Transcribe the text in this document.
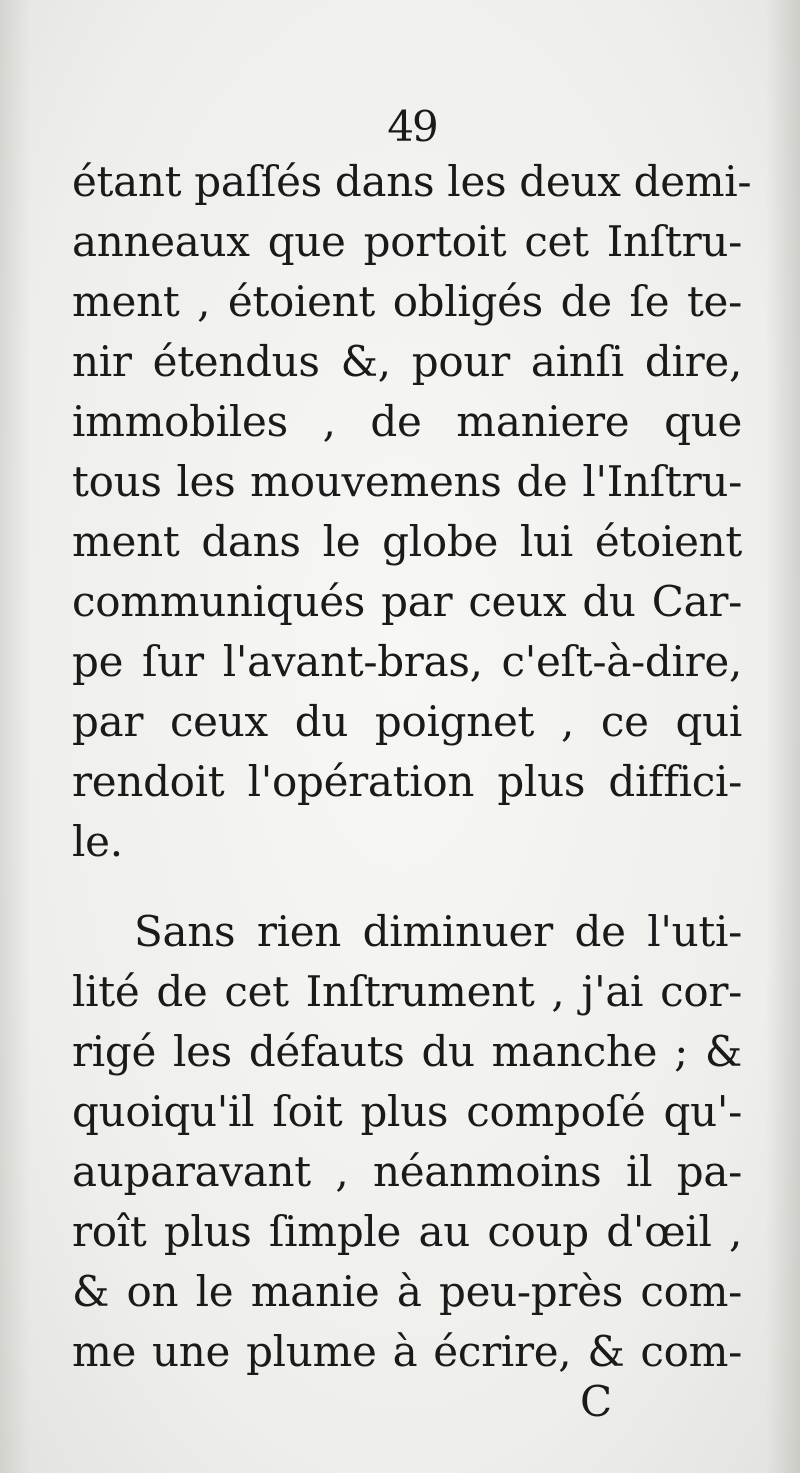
49
étant paſſés dans les deux demi-
anneaux que portoit cet Inſtru-
ment , étoient obligés de ſe te-
nir étendus &, pour ainſi dire,
immobiles , de maniere que
tous les mouvemens de l'Inſtru-
ment dans le globe lui étoient
communiqués par ceux du Car-
pe ſur l'avant-bras, c'eſt-à-dire,
par ceux du poignet , ce qui
rendoit l'opération plus diffici-
le.
Sans rien diminuer de l'uti-
lité de cet Inſtrument , j'ai cor-
rigé les défauts du manche ; &
quoiqu'il ſoit plus compoſé qu'-
auparavant , néanmoins il pa-
roît plus ſimple au coup d'œil ,
& on le manie à peu-près com-
me une plume à écrire, & com-
C
